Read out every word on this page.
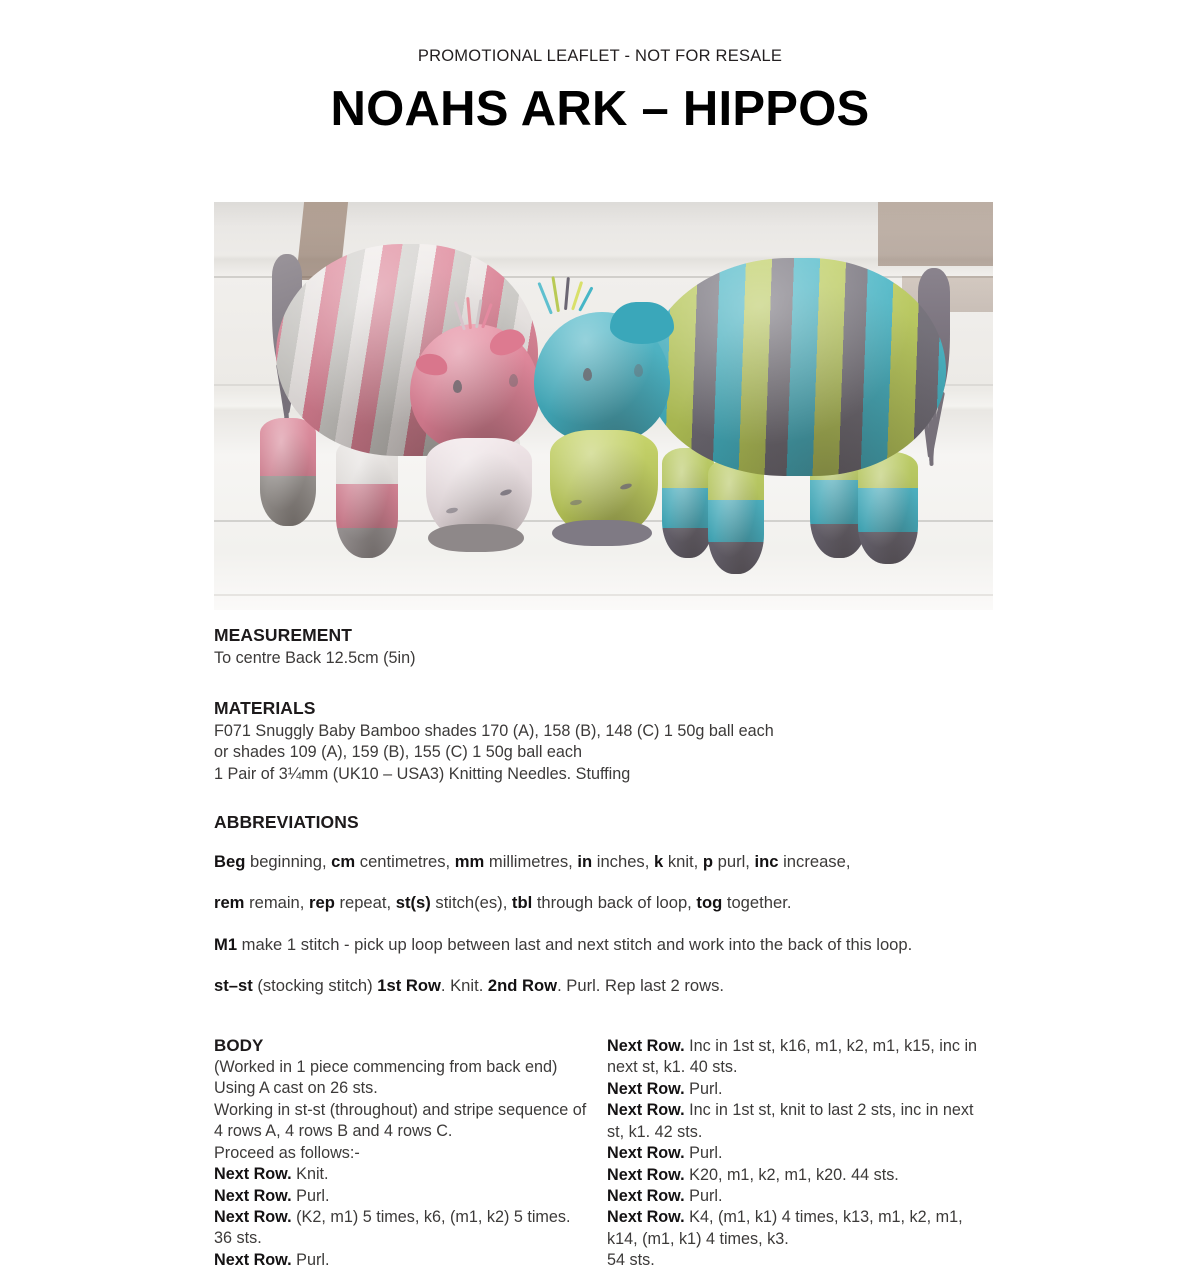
PROMOTIONAL LEAFLET - NOT FOR RESALE
NOAHS ARK – HIPPOS
MEASUREMENT
To centre Back 12.5cm (5in)
MATERIALS
F071 Snuggly Baby Bamboo shades 170 (A), 158 (B), 148 (C) 1 50g ball each
or shades 109 (A), 159 (B), 155 (C) 1 50g ball each
1 Pair of 3¼mm (UK10 – USA3) Knitting Needles. Stuffing
ABBREVIATIONS

Beg beginning, cm centimetres, mm millimetres, in inches, k knit, p purl, inc increase,

rem remain, rep repeat, st(s) stitch(es), tbl through back of loop, tog together.

M1 make 1 stitch - pick up loop between last and next stitch and work into the back of this loop.

st–st (stocking stitch) 1st Row. Knit. 2nd Row. Purl. Rep last 2 rows.

BODY

(Worked in 1 piece commencing from back end)

Using A cast on 26 sts.

Working in st-st (throughout) and stripe sequence of

4 rows A, 4 rows B and 4 rows C.

Proceed as follows:-

Next Row. Knit.

Next Row. Purl.

Next Row. (K2, m1) 5 times, k6, (m1, k2) 5 times.

36 sts.

Next Row. Purl.

Next Row. Inc in 1st st, k16, m1, k2, m1, k15, inc in

next st, k1. 40 sts.

Next Row. Purl.

Next Row. Inc in 1st st, knit to last 2 sts, inc in next

st, k1. 42 sts.

Next Row. Purl.

Next Row. K20, m1, k2, m1, k20. 44 sts.

Next Row. Purl.

Next Row. K4, (m1, k1) 4 times, k13, m1, k2, m1,

k14, (m1, k1) 4 times, k3.

54 sts.
